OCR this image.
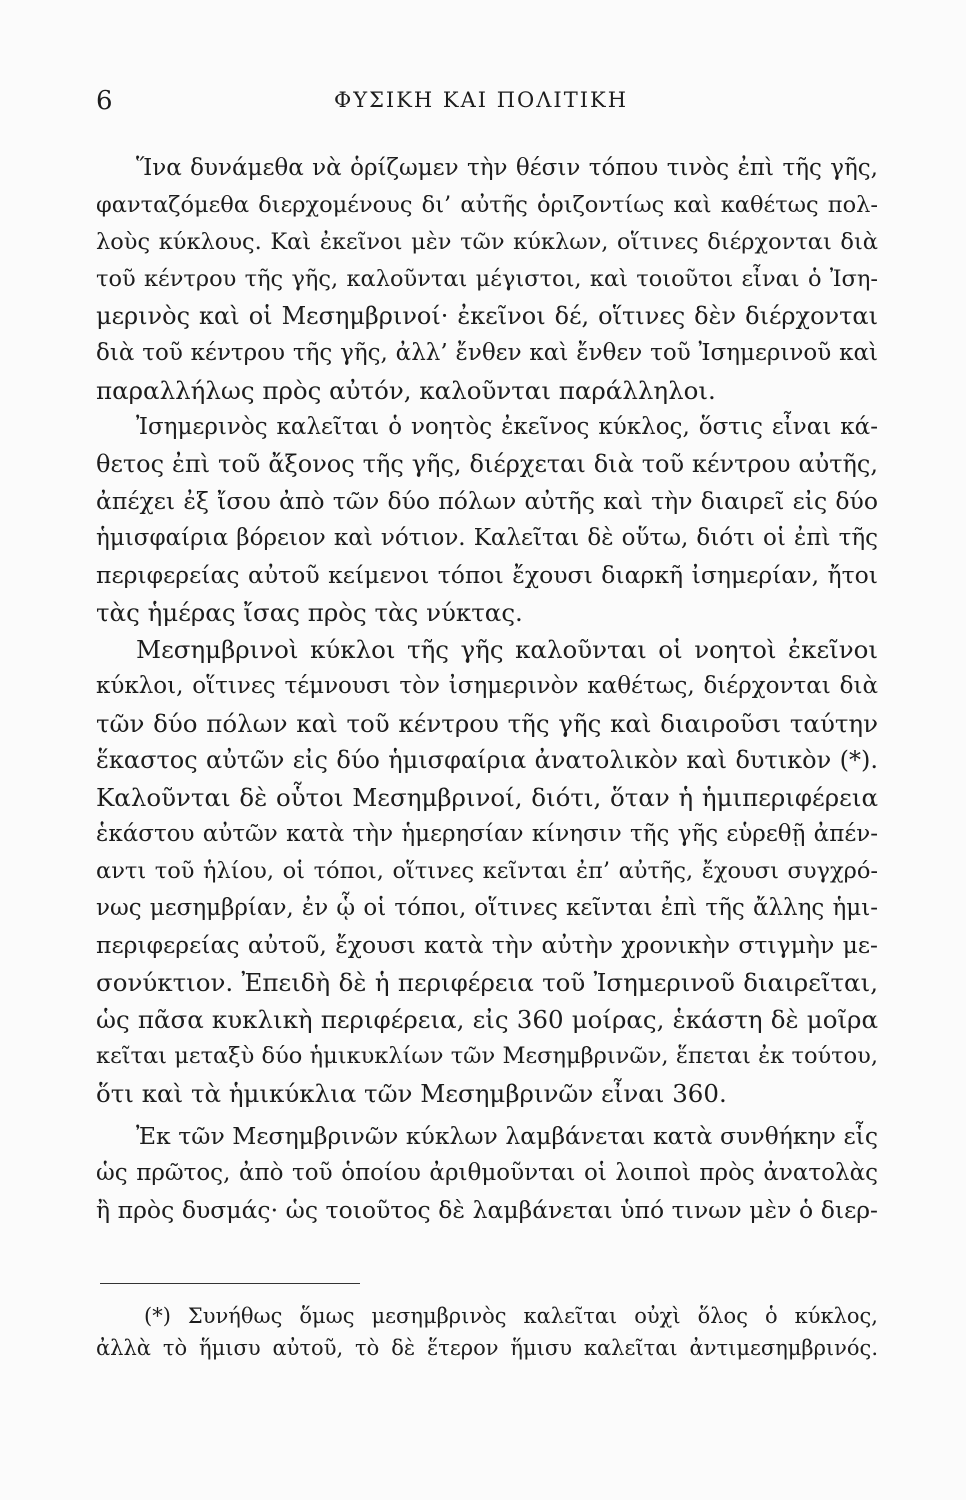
6	ΦΥΣΙΚΗ ΚΑΙ ΠΟΛΙΤΙΚΗ
Ἵνα δυνάμεθα νὰ ὁρίζωμεν τὴν θέσιν τόπου τινὸς ἐπὶ τῆς γῆς,
φανταζόμεθα διερχομένους δι’ αὐτῆς ὁριζοντίως καὶ καθέτως πολ-
λοὺς κύκλους. Καὶ ἐκεῖνοι μὲν τῶν κύκλων, οἵτινες διέρχονται διὰ
τοῦ κέντρου τῆς γῆς, καλοῦνται μέγιστοι, καὶ τοιοῦτοι εἶναι ὁ Ἰση-
μερινὸς καὶ οἱ Μεσημβρινοί· ἐκεῖνοι δέ, οἵτινες δὲν διέρχονται
διὰ τοῦ κέντρου τῆς γῆς, ἀλλ’ ἔνθεν καὶ ἔνθεν τοῦ Ἰσημερινοῦ καὶ
παραλλήλως πρὸς αὐτόν, καλοῦνται παράλληλοι.
Ἰσημερινὸς καλεῖται ὁ νοητὸς ἐκεῖνος κύκλος, ὅστις εἶναι κά-
θετος ἐπὶ τοῦ ἄξονος τῆς γῆς, διέρχεται διὰ τοῦ κέντρου αὐτῆς,
ἀπέχει ἐξ ἴσου ἀπὸ τῶν δύο πόλων αὐτῆς καὶ τὴν διαιρεῖ εἰς δύο
ἡμισφαίρια βόρειον καὶ νότιον. Καλεῖται δὲ οὕτω, διότι οἱ ἐπὶ τῆς
περιφερείας αὐτοῦ κείμενοι τόποι ἔχουσι διαρκῆ ἰσημερίαν, ἤτοι
τὰς ἡμέρας ἴσας πρὸς τὰς νύκτας.
Μεσημβρινοὶ κύκλοι τῆς γῆς καλοῦνται οἱ νοητοὶ ἐκεῖνοι
κύκλοι, οἵτινες τέμνουσι τὸν ἰσημερινὸν καθέτως, διέρχονται διὰ
τῶν δύο πόλων καὶ τοῦ κέντρου τῆς γῆς καὶ διαιροῦσι ταύτην
ἕκαστος αὐτῶν εἰς δύο ἡμισφαίρια ἀνατολικὸν καὶ δυτικὸν (*).
Καλοῦνται δὲ οὗτοι Μεσημβρινοί, διότι, ὅταν ἡ ἡμιπεριφέρεια
ἑκάστου αὐτῶν κατὰ τὴν ἡμερησίαν κίνησιν τῆς γῆς εὑρεθῇ ἀπέν-
αντι τοῦ ἡλίου, οἱ τόποι, οἵτινες κεῖνται ἐπ’ αὐτῆς, ἔχουσι συγχρό-
νως μεσημβρίαν, ἐν ᾧ οἱ τόποι, οἵτινες κεῖνται ἐπὶ τῆς ἄλλης ἡμι-
περιφερείας αὐτοῦ, ἔχουσι κατὰ τὴν αὐτὴν χρονικὴν στιγμὴν με-
σονύκτιον. Ἐπειδὴ δὲ ἡ περιφέρεια τοῦ Ἰσημερινοῦ διαιρεῖται,
ὡς πᾶσα κυκλικὴ περιφέρεια, εἰς 360 μοίρας, ἑκάστη δὲ μοῖρα
κεῖται μεταξὺ δύο ἡμικυκλίων τῶν Μεσημβρινῶν, ἕπεται ἐκ τούτου,
ὅτι καὶ τὰ ἡμικύκλια τῶν Μεσημβρινῶν εἶναι 360.
Ἐκ τῶν Μεσημβρινῶν κύκλων λαμβάνεται κατὰ συνθήκην εἷς
ὡς πρῶτος, ἀπὸ τοῦ ὁποίου ἀριθμοῦνται οἱ λοιποὶ πρὸς ἀνατολὰς
ἢ πρὸς δυσμάς· ὡς τοιοῦτος δὲ λαμβάνεται ὑπό τινων μὲν ὁ διερ-
(*) Συνήθως ὅμως μεσημβρινὸς καλεῖται οὐχὶ ὅλος ὁ κύκλος,
ἀλλὰ τὸ ἥμισυ αὐτοῦ, τὸ δὲ ἕτερον ἥμισυ καλεῖται ἀντιμεσημβρινός.
